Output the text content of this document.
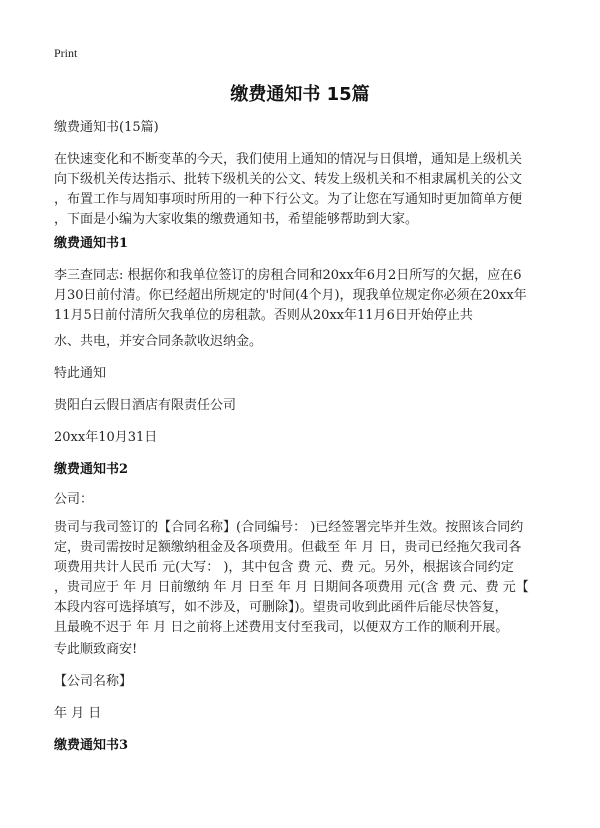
Print
缴费通知书 15篇
缴费通知书(15篇)
在快速变化和不断变革的今天，我们使用上通知的情况与日俱增，通知是上级机关
向下级机关传达指示、批转下级机关的公文、转发上级机关和不相隶属机关的公文
，布置工作与周知事项时所用的一种下行公文。为了让您在写通知时更加简单方便
，下面是小编为大家收集的缴费通知书，希望能够帮助到大家。
缴费通知书1
李三查同志: 根据你和我单位签订的房租合同和20xx年6月2日所写的欠据，应在6
月30日前付清。你已经超出所规定的'时间(4个月)，现我单位规定你必须在20xx年
11月5日前付清所欠我单位的房租款。否则从20xx年11月6日开始停止共
水、共电，并安合同条款收迟纳金。
特此通知
贵阳白云假日酒店有限责任公司
20xx年10月31日
缴费通知书2
公司：
贵司与我司签订的【合同名称】(合同编号： )已经签署完毕并生效。按照该合同约
定，贵司需按时足额缴纳租金及各项费用。但截至 年 月 日，贵司已经拖欠我司各
项费用共计人民币 元(大写： )，其中包含 费 元、费 元。另外，根据该合同约定
，贵司应于 年 月 日前缴纳 年 月 日至 年 月 日期间各项费用 元(含 费 元、费 元【
本段内容可选择填写，如不涉及，可删除】)。望贵司收到此函件后能尽快答复，
且最晚不迟于 年 月 日之前将上述费用支付至我司，以便双方工作的顺利开展。
专此顺致商安!
【公司名称】
年 月 日
缴费通知书3
